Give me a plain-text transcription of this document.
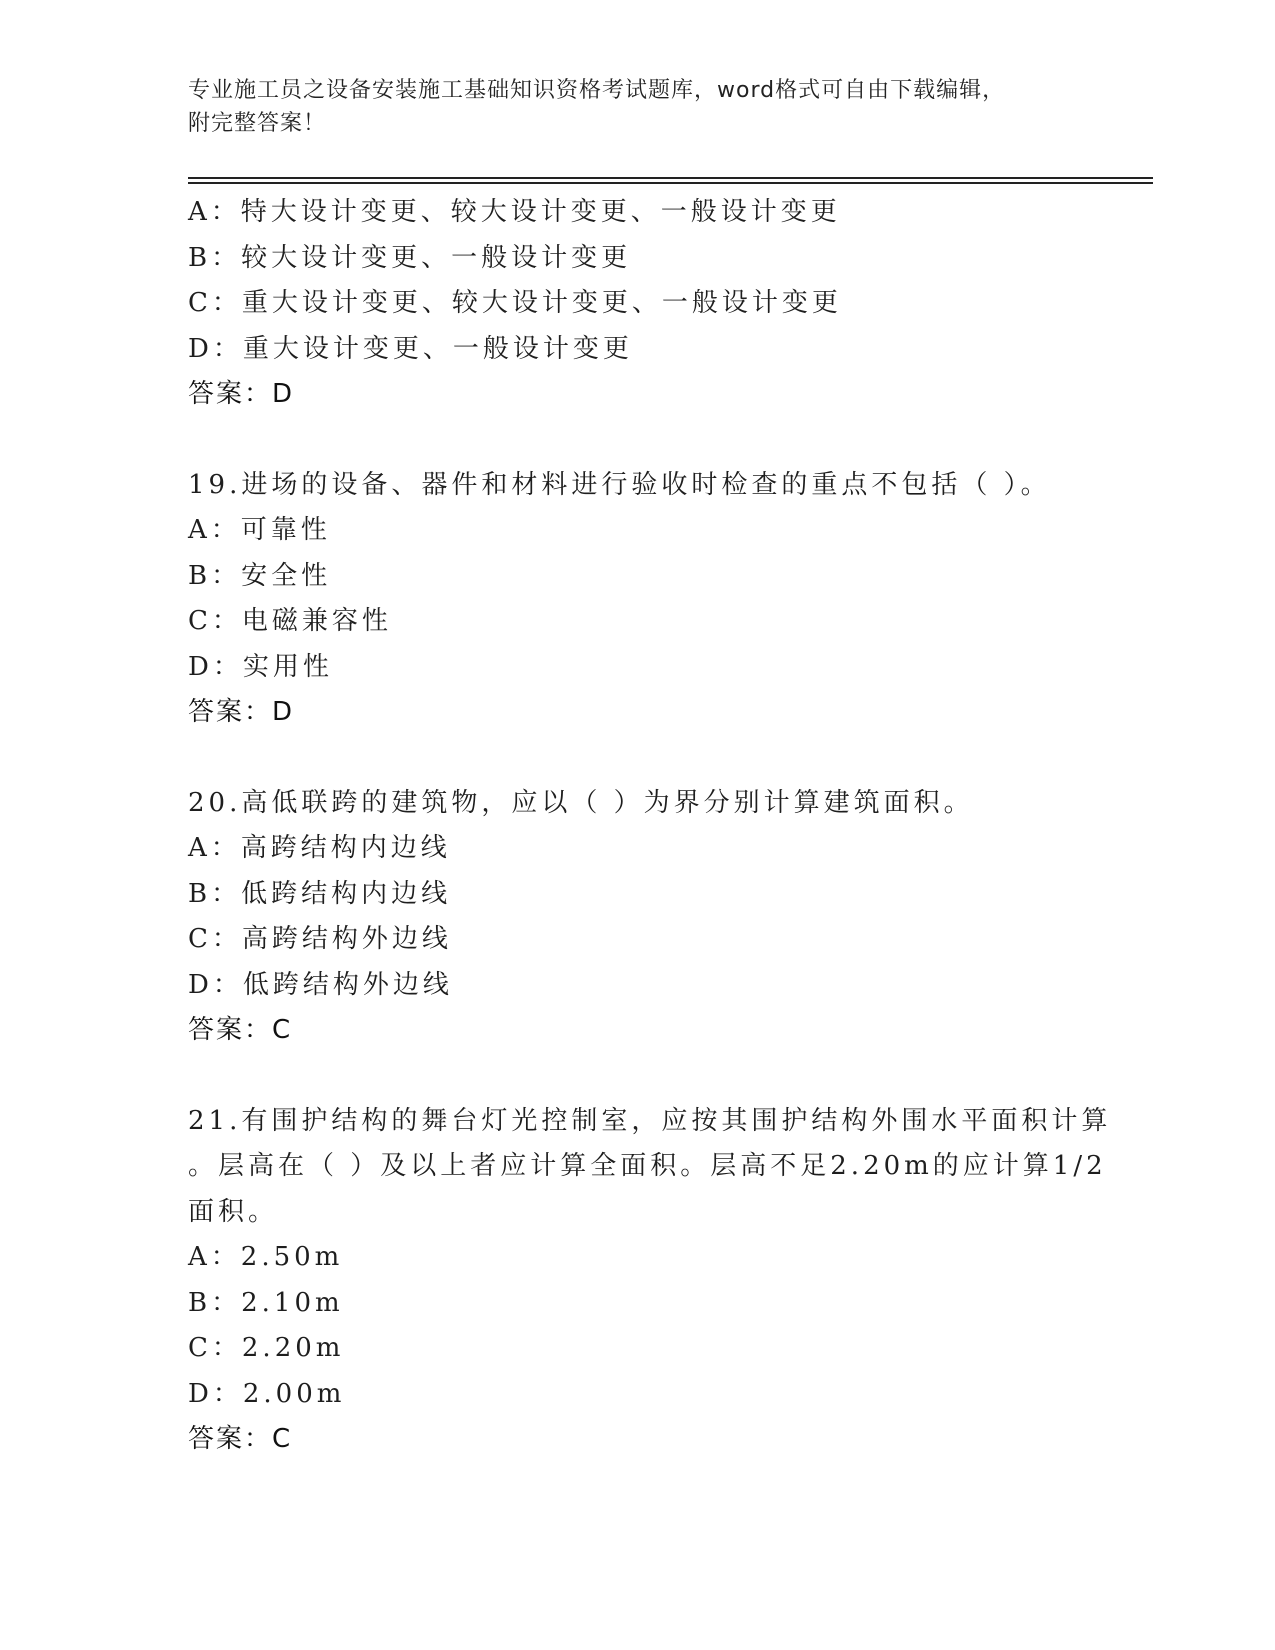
专业施工员之设备安装施工基础知识资格考试题库，word格式可自由下载编辑，
附完整答案！
A：特大设计变更、较大设计变更、一般设计变更
B：较大设计变更、一般设计变更
C：重大设计变更、较大设计变更、一般设计变更
D：重大设计变更、一般设计变更
答案：D
19.进场的设备、器件和材料进行验收时检查的重点不包括（ ）。
A：可靠性
B：安全性
C：电磁兼容性
D：实用性
答案：D
20.高低联跨的建筑物，应以（ ）为界分别计算建筑面积。
A：高跨结构内边线
B：低跨结构内边线
C：高跨结构外边线
D：低跨结构外边线
答案：C
21.有围护结构的舞台灯光控制室，应按其围护结构外围水平面积计算
。层高在（ ）及以上者应计算全面积。层高不足2.20m的应计算1/2
面积。
A：2.50m
B：2.10m
C：2.20m
D：2.00m
答案：C
